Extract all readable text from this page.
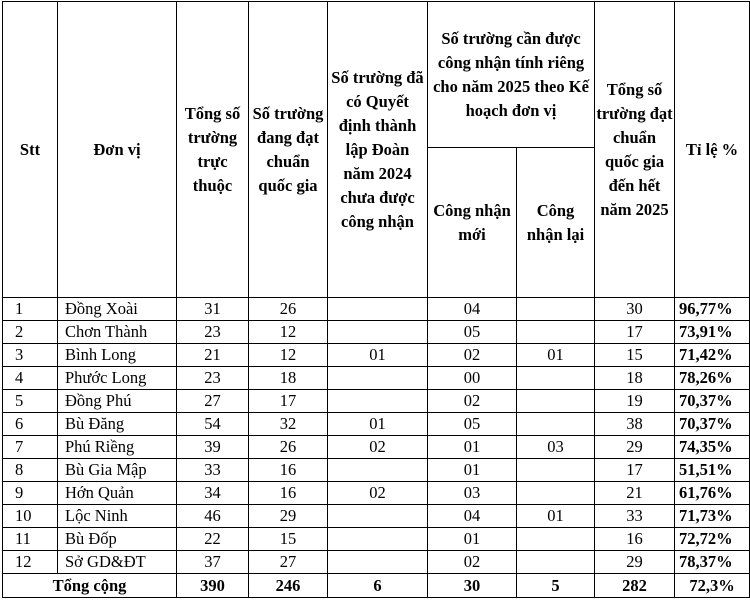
Stt	Đơn vị	Tổng số trường trực thuộc	Số trường đang đạt chuẩn quốc gia	Số trường đã có Quyết định thành lập Đoàn năm 2024 chưa được công nhận	Số trường cần được công nhận tính riêng cho năm 2025 theo Kế hoạch đơn vị		Tổng số trường đạt chuẩn quốc gia đến hết năm 2025	Tỉ lệ %
					Công nhận mới	Công nhận lại		
1	Đồng Xoài	31	26		04		30	96,77%
2	Chơn Thành	23	12		05		17	73,91%
3	Bình Long	21	12	01	02	01	15	71,42%
4	Phước Long	23	18		00		18	78,26%
5	Đồng Phú	27	17		02		19	70,37%
6	Bù Đăng	54	32	01	05		38	70,37%
7	Phú Riềng	39	26	02	01	03	29	74,35%
8	Bù Gia Mập	33	16		01		17	51,51%
9	Hớn Quản	34	16	02	03		21	61,76%
10	Lộc Ninh	46	29		04	01	33	71,73%
11	Bù Đốp	22	15		01		16	72,72%
12	Sở GD&ĐT	37	27		02		29	78,37%
Tổng cộng		390	246	6	30	5	282	72,3%
